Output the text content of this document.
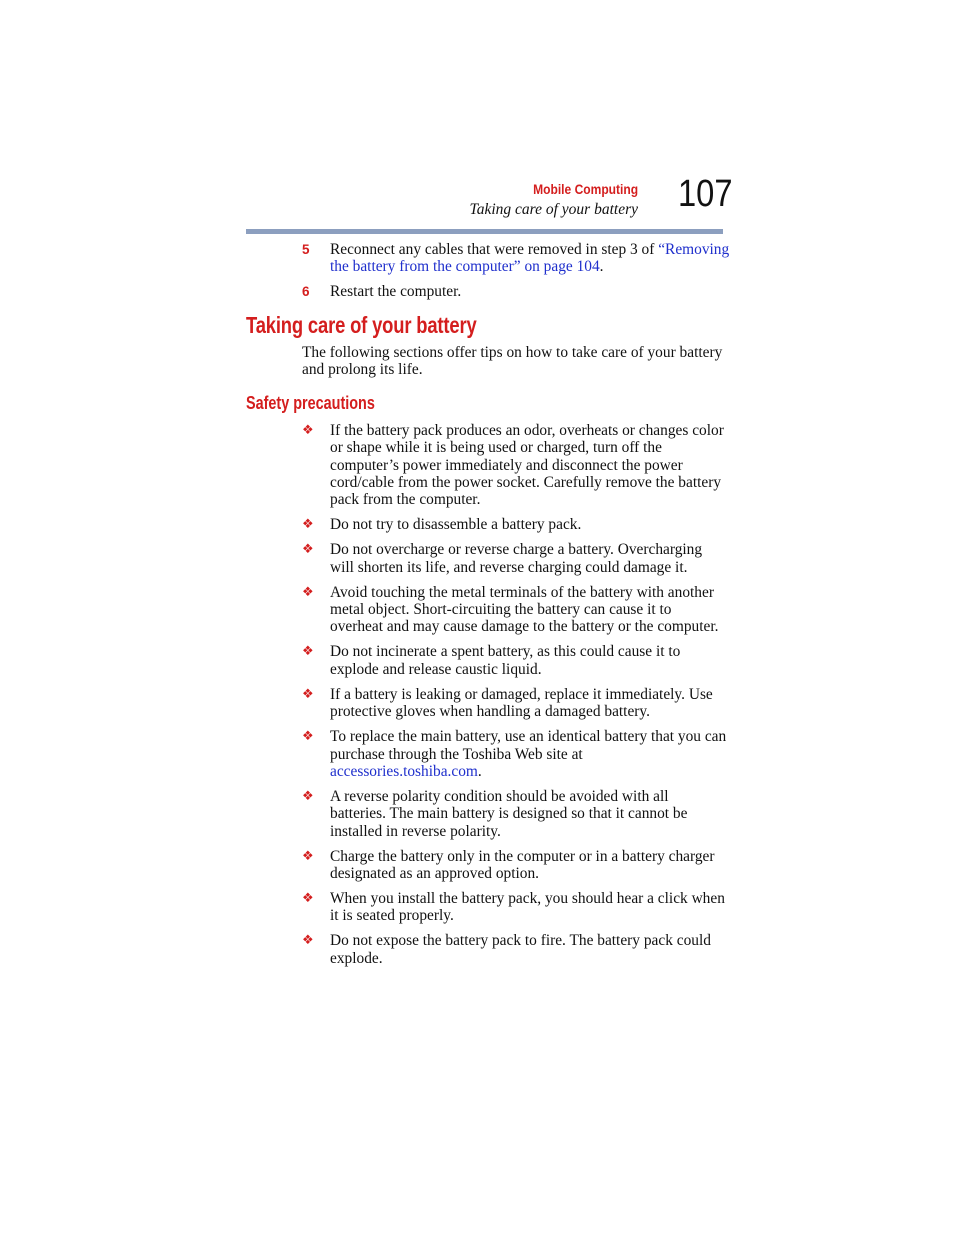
Mobile Computing
Taking care of your battery 107
5 Reconnect any cables that were removed in step 3 of “Removing the battery from the computer” on page 104.
6 Restart the computer.
Taking care of your battery

The following sections offer tips on how to take care of your battery and prolong its life.

Safety precautions
❖ If the battery pack produces an odor, overheats or changes color or shape while it is being used or charged, turn off the computer’s power immediately and disconnect the power cord/cable from the power socket. Carefully remove the battery pack from the computer.
❖ Do not try to disassemble a battery pack.
❖ Do not overcharge or reverse charge a battery. Overcharging will shorten its life, and reverse charging could damage it.
❖ Avoid touching the metal terminals of the battery with another metal object. Short-circuiting the battery can cause it to overheat and may cause damage to the battery or the computer.
❖ Do not incinerate a spent battery, as this could cause it to explode and release caustic liquid.
❖ If a battery is leaking or damaged, replace it immediately. Use protective gloves when handling a damaged battery.
❖ To replace the main battery, use an identical battery that you can purchase through the Toshiba Web site at accessories.toshiba.com.
❖ A reverse polarity condition should be avoided with all batteries. The main battery is designed so that it cannot be installed in reverse polarity.
❖ Charge the battery only in the computer or in a battery charger designated as an approved option.
❖ When you install the battery pack, you should hear a click when it is seated properly.
❖ Do not expose the battery pack to fire. The battery pack could explode.
